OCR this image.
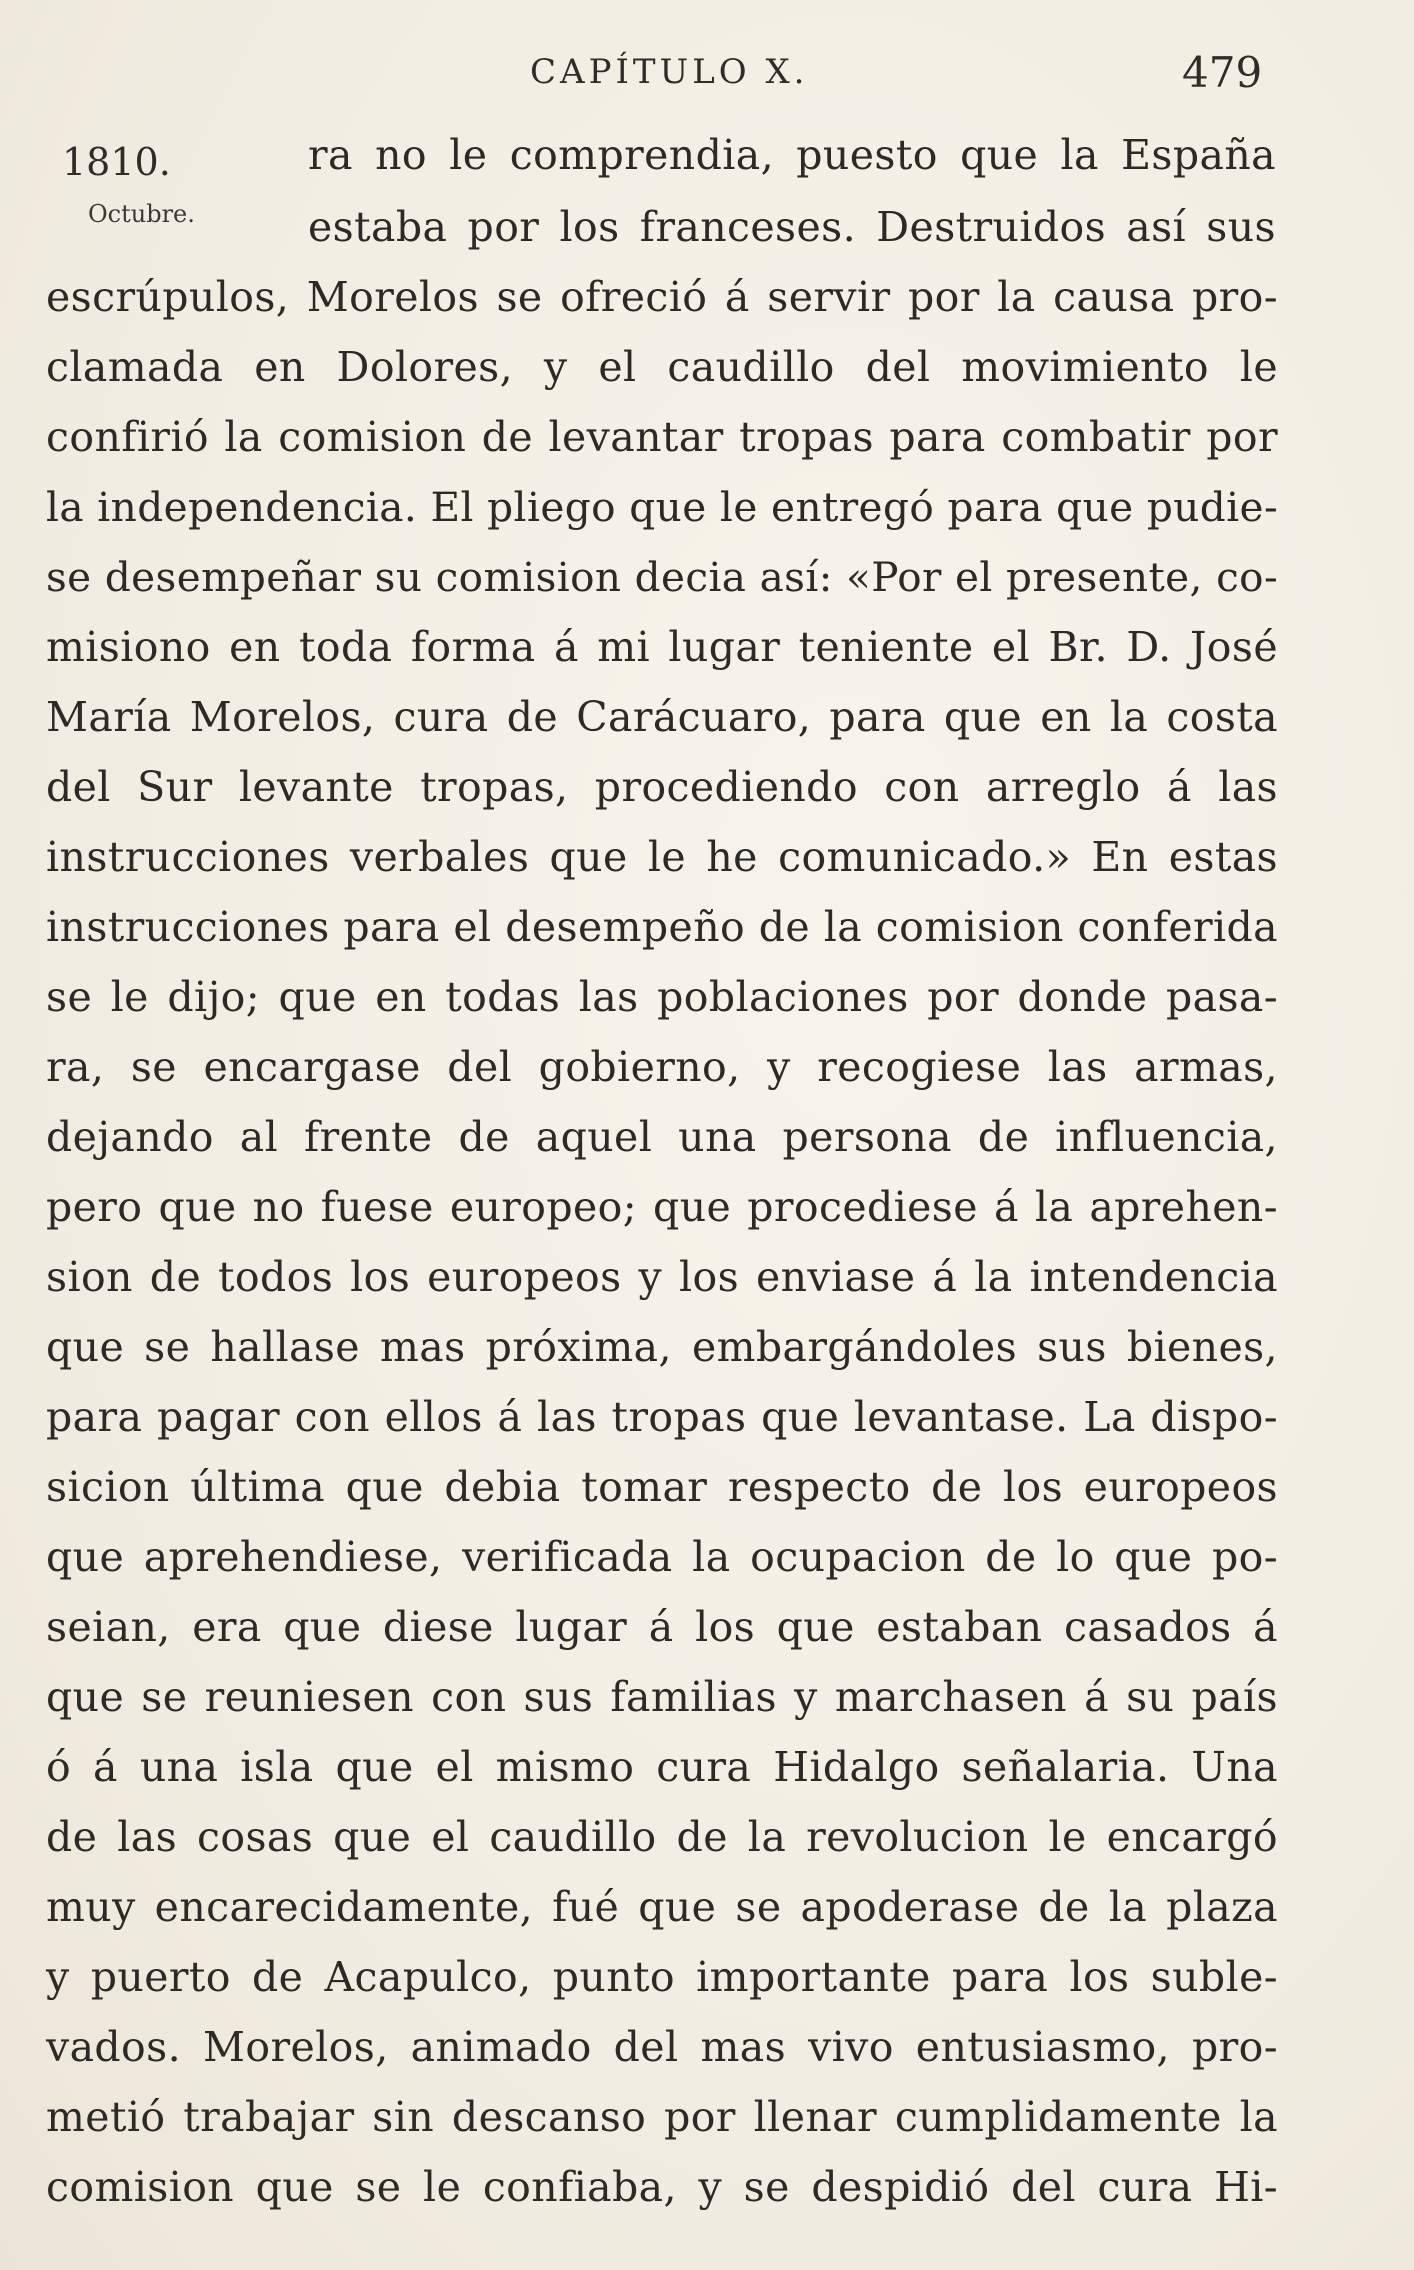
CAPÍTULO X.	479
1810.
Octubre.
ra no le comprendia, puesto que la España
estaba por los franceses. Destruidos así sus
escrúpulos, Morelos se ofreció á servir por la causa pro-
clamada en Dolores, y el caudillo del movimiento le
confirió la comision de levantar tropas para combatir por
la independencia. El pliego que le entregó para que pudie-
se desempeñar su comision decia así: «Por el presente, co-
misiono en toda forma á mi lugar teniente el Br. D. José
María Morelos, cura de Carácuaro, para que en la costa
del Sur levante tropas, procediendo con arreglo á las
instrucciones verbales que le he comunicado.» En estas
instrucciones para el desempeño de la comision conferida
se le dijo; que en todas las poblaciones por donde pasa-
ra, se encargase del gobierno, y recogiese las armas,
dejando al frente de aquel una persona de influencia,
pero que no fuese europeo; que procediese á la aprehen-
sion de todos los europeos y los enviase á la intendencia
que se hallase mas próxima, embargándoles sus bienes,
para pagar con ellos á las tropas que levantase. La dispo-
sicion última que debia tomar respecto de los europeos
que aprehendiese, verificada la ocupacion de lo que po-
seian, era que diese lugar á los que estaban casados á
que se reuniesen con sus familias y marchasen á su país
ó á una isla que el mismo cura Hidalgo señalaria. Una
de las cosas que el caudillo de la revolucion le encargó
muy encarecidamente, fué que se apoderase de la plaza
y puerto de Acapulco, punto importante para los suble-
vados. Morelos, animado del mas vivo entusiasmo, pro-
metió trabajar sin descanso por llenar cumplidamente la
comision que se le confiaba, y se despidió del cura Hi-
